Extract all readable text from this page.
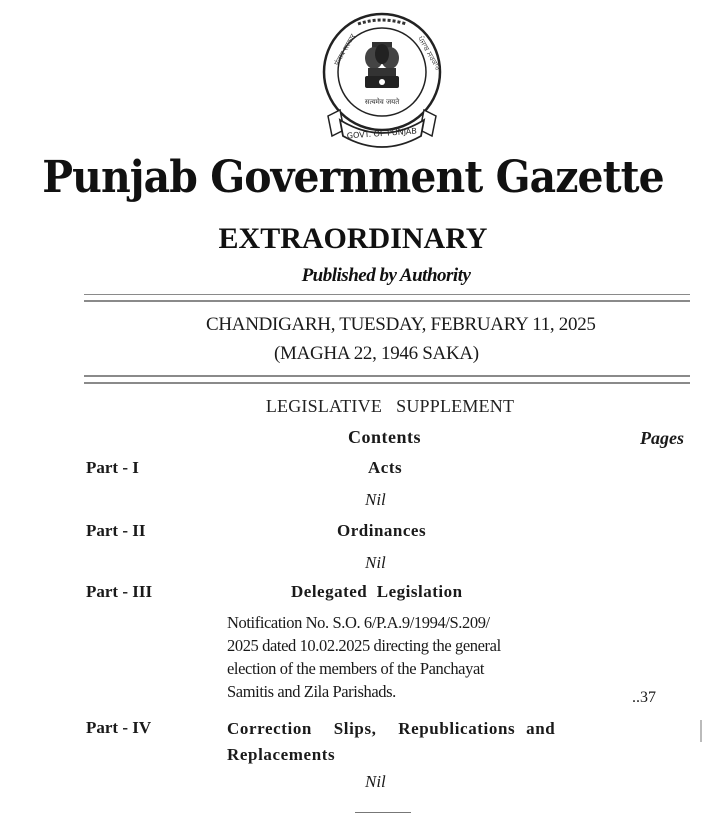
सत्यमेव जयते
पंजाब सरकार	ਪੰਜਾਬ ਸਰਕਾਰ
GOVT. OF PUNJAB
Punjab Government Gazette
EXTRAORDINARY
Published by Authority
CHANDIGARH, TUESDAY, FEBRUARY 11, 2025
(MAGHA 22, 1946 SAKA)
LEGISLATIVE   SUPPLEMENT
Contents	Pages
Part - I	Acts
Nil
Part - II	Ordinances
Nil
Part - III	Delegated  Legislation
Notification No. S.O. 6/P.A.9/1994/S.209/
2025 dated 10.02.2025 directing the general
election of the members of the Panchayat
Samitis and Zila Parishads.	..37
Part - IV	Correction  Slips,  Republications and
Replacements
Nil
